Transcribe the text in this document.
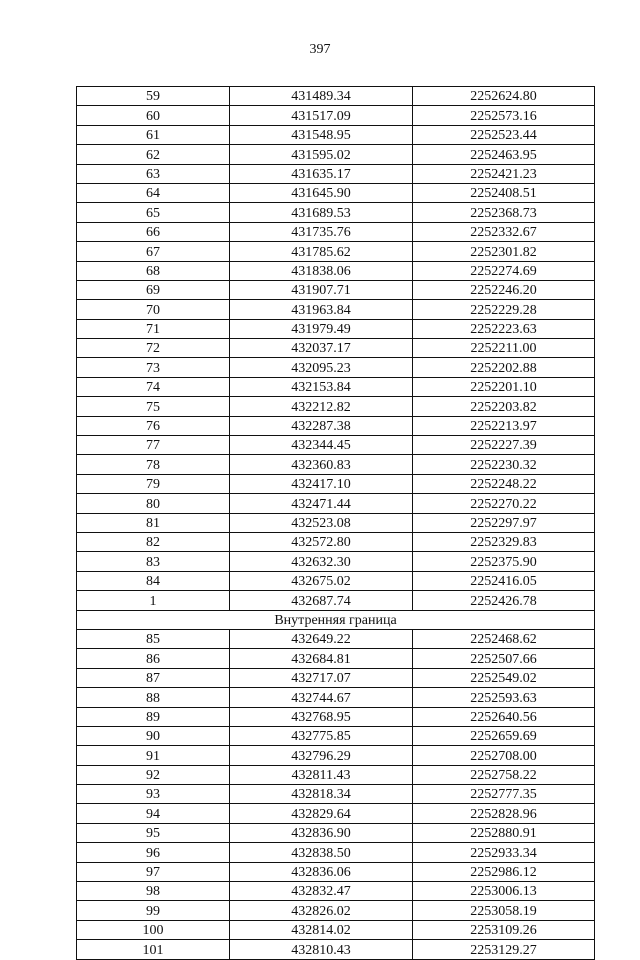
397
59	431489.34	2252624.80
60	431517.09	2252573.16
61	431548.95	2252523.44
62	431595.02	2252463.95
63	431635.17	2252421.23
64	431645.90	2252408.51
65	431689.53	2252368.73
66	431735.76	2252332.67
67	431785.62	2252301.82
68	431838.06	2252274.69
69	431907.71	2252246.20
70	431963.84	2252229.28
71	431979.49	2252223.63
72	432037.17	2252211.00
73	432095.23	2252202.88
74	432153.84	2252201.10
75	432212.82	2252203.82
76	432287.38	2252213.97
77	432344.45	2252227.39
78	432360.83	2252230.32
79	432417.10	2252248.22
80	432471.44	2252270.22
81	432523.08	2252297.97
82	432572.80	2252329.83
83	432632.30	2252375.90
84	432675.02	2252416.05
1	432687.74	2252426.78
Внутренняя граница		
85	432649.22	2252468.62
86	432684.81	2252507.66
87	432717.07	2252549.02
88	432744.67	2252593.63
89	432768.95	2252640.56
90	432775.85	2252659.69
91	432796.29	2252708.00
92	432811.43	2252758.22
93	432818.34	2252777.35
94	432829.64	2252828.96
95	432836.90	2252880.91
96	432838.50	2252933.34
97	432836.06	2252986.12
98	432832.47	2253006.13
99	432826.02	2253058.19
100	432814.02	2253109.26
101	432810.43	2253129.27
